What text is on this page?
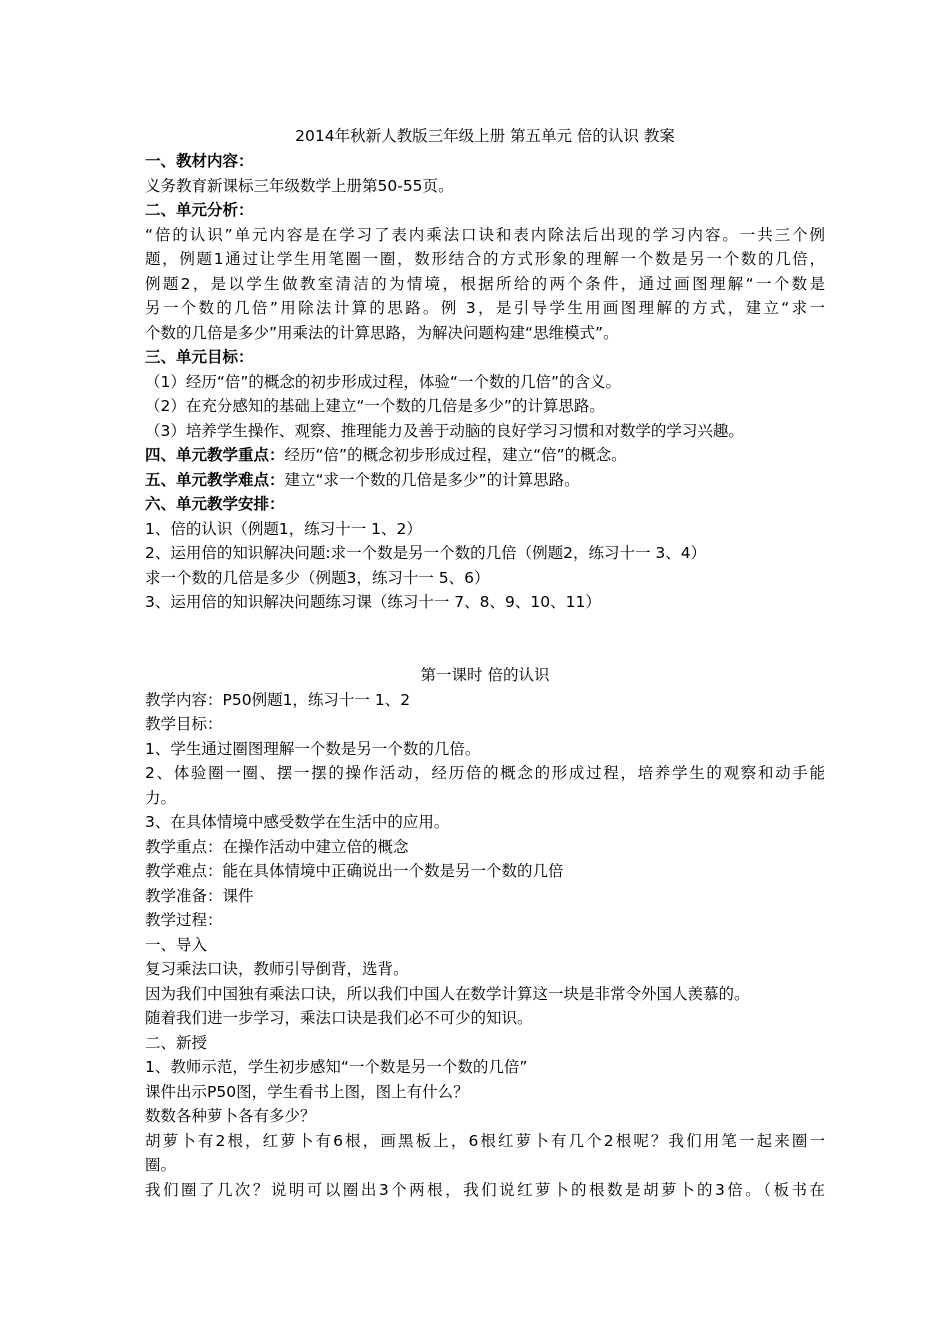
2014年秋新人教版三年级上册 第五单元 倍的认识 教案
一、教材内容：
义务教育新课标三年级数学上册第50-55页。
二、单元分析：
“倍的认识”单元内容是在学习了表内乘法口诀和表内除法后出现的学习内容。一共三个例
题，例题1通过让学生用笔圈一圈，数形结合的方式形象的理解一个数是另一个数的几倍，
例题2，是以学生做教室清洁的为情境，根据所给的两个条件，通过画图理解“一个数是
另一个数的几倍”用除法计算的思路。例 3，是引导学生用画图理解的方式，建立“求一
个数的几倍是多少”用乘法的计算思路，为解决问题构建“思维模式”。
三、单元目标：
（1）经历“倍”的概念的初步形成过程，体验“一个数的几倍”的含义。
（2）在充分感知的基础上建立“一个数的几倍是多少”的计算思路。
（3）培养学生操作、观察、推理能力及善于动脑的良好学习习惯和对数学的学习兴趣。
四、单元教学重点：经历“倍”的概念初步形成过程，建立“倍”的概念。
五、单元教学难点：建立“求一个数的几倍是多少”的计算思路。
六、单元教学安排：
1、倍的认识（例题1，练习十一 1、2）
2、运用倍的知识解决问题:求一个数是另一个数的几倍（例题2，练习十一 3、4）
求一个数的几倍是多少（例题3，练习十一 5、6）
3、运用倍的知识解决问题练习课（练习十一 7、8、9、10、11）
第一课时 倍的认识
教学内容：P50例题1，练习十一 1、2
教学目标：
1、学生通过圈图理解一个数是另一个数的几倍。
2、体验圈一圈、摆一摆的操作活动，经历倍的概念的形成过程，培养学生的观察和动手能
力。
3、在具体情境中感受数学在生活中的应用。
教学重点：在操作活动中建立倍的概念
教学难点：能在具体情境中正确说出一个数是另一个数的几倍
教学准备：课件
教学过程：
一、导入
复习乘法口诀，教师引导倒背，选背。
因为我们中国独有乘法口诀，所以我们中国人在数学计算这一块是非常令外国人羡慕的。
随着我们进一步学习，乘法口诀是我们必不可少的知识。
二、新授
1、教师示范，学生初步感知“一个数是另一个数的几倍”
课件出示P50图，学生看书上图，图上有什么？
数数各种萝卜各有多少？
胡萝卜有2根，红萝卜有6根，画黑板上，6根红萝卜有几个2根呢？我们用笔一起来圈一
圈。
我们圈了几次？说明可以圈出3个两根，我们说红萝卜的根数是胡萝卜的3倍。（板书在
